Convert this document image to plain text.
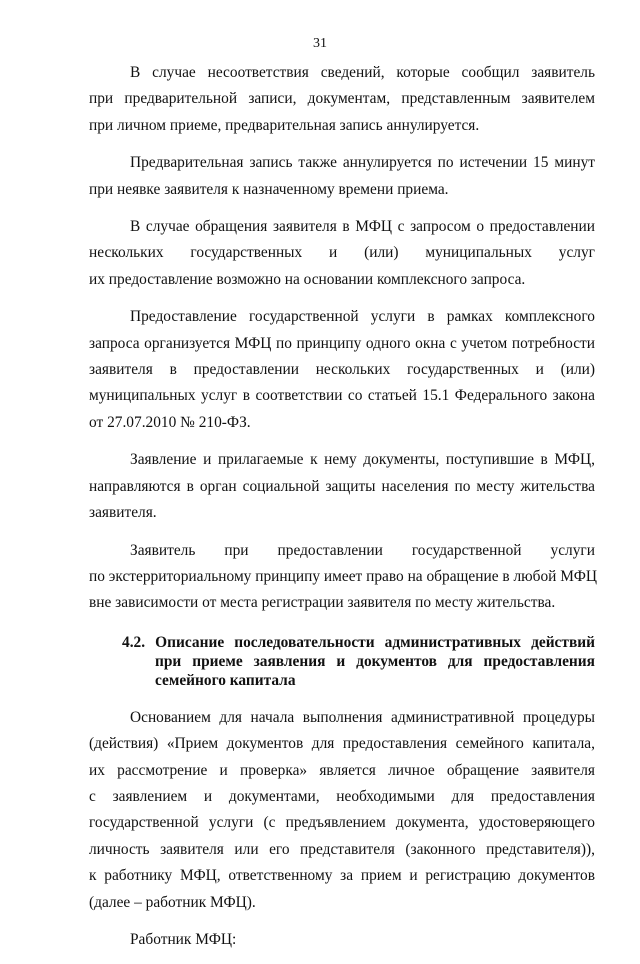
31
В случае несоответствия сведений, которые сообщил заявитель
при предварительной записи, документам, представленным заявителем
при личном приеме, предварительная запись аннулируется.
Предварительная запись также аннулируется по истечении 15 минут
при неявке заявителя к назначенному времени приема.
В случае обращения заявителя в МФЦ с запросом о предоставлении
нескольких государственных и (или) муниципальных услуг
их предоставление возможно на основании комплексного запроса.
Предоставление государственной услуги в рамках комплексного
запроса организуется МФЦ по принципу одного окна с учетом потребности
заявителя в предоставлении нескольких государственных и (или)
муниципальных услуг в соответствии со статьей 15.1 Федерального закона
от 27.07.2010 № 210-ФЗ.
Заявление и прилагаемые к нему документы, поступившие в МФЦ,
направляются в орган социальной защиты населения по месту жительства
заявителя.
Заявитель при предоставлении государственной услуги
по экстерриториальному принципу имеет право на обращение в любой МФЦ
вне зависимости от места регистрации заявителя по месту жительства.
4.2. Описание последовательности административных действий
при приеме заявления и документов для предоставления
семейного капитала
Основанием для начала выполнения административной процедуры
(действия) «Прием документов для предоставления семейного капитала,
их рассмотрение и проверка» является личное обращение заявителя
с заявлением и документами, необходимыми для предоставления
государственной услуги (с предъявлением документа, удостоверяющего
личность заявителя или его представителя (законного представителя)),
к работнику МФЦ, ответственному за прием и регистрацию документов
(далее – работник МФЦ).
Работник МФЦ:
